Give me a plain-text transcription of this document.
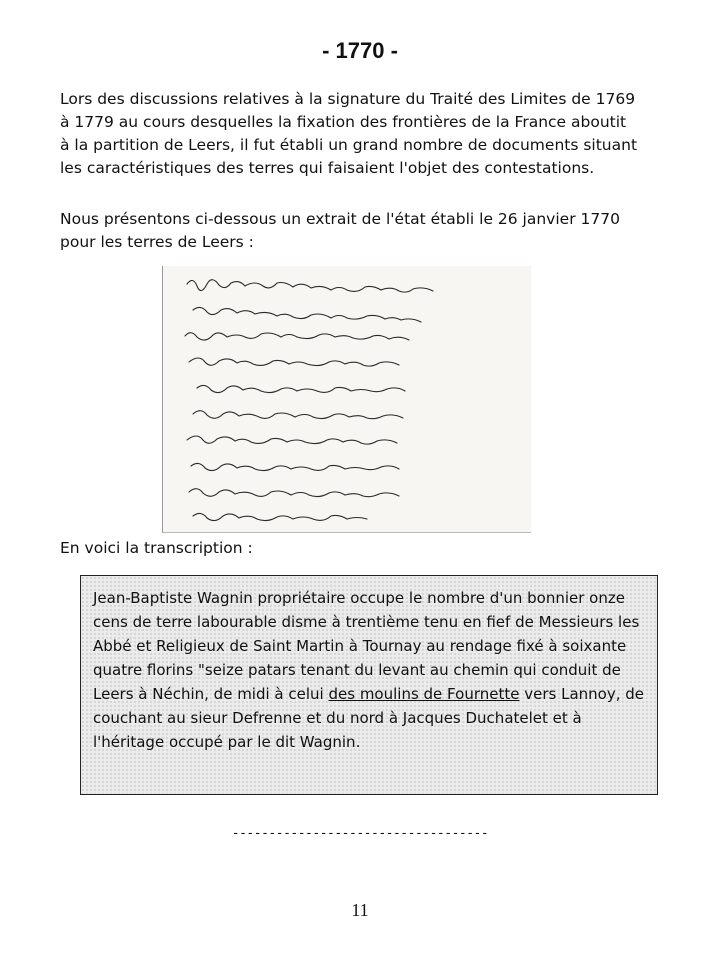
- 1770 -

Lors des discussions relatives à la signature du Traité des Limites de 1769 à 1779 au cours desquelles la fixation des frontières de la France aboutit à la partition de Leers, il fut établi un grand nombre de documents situant les caractéristiques des terres qui faisaient l'objet des contestations.

Nous présentons ci-dessous un extrait de l'état établi le 26 janvier 1770 pour les terres de Leers :

En voici la transcription :

Jean-Baptiste Wagnin propriétaire occupe le nombre d'un bonnier onze cens de terre labourable disme à trentième tenu en fief de Messieurs les Abbé et Religieux de Saint Martin à Tournay au rendage fixé à soixante quatre florins "seize patars tenant du levant au chemin qui conduit de Leers à Néchin, de midi à celui des moulins de Fournette vers Lannoy, de couchant au sieur Defrenne et du nord à Jacques Duchatelet et à l'héritage occupé par le dit Wagnin.

-----------------------------------
11
